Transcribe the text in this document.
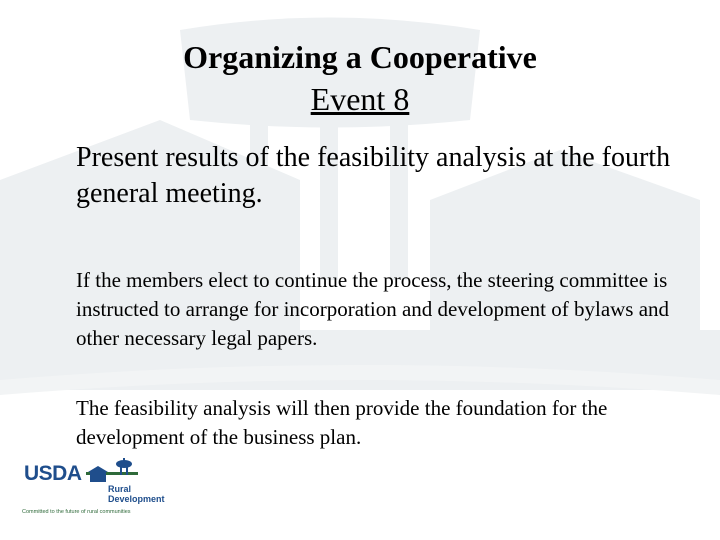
Organizing a Cooperative
Event 8
Present results of the feasibility analysis at the fourth general meeting.
If the members elect to continue the process, the steering committee is instructed to arrange for incorporation and development of bylaws and other necessary legal papers.
The feasibility analysis will then provide the foundation for the development of the business plan.
USDA
Rural
Development
Committed to the future of rural communities
